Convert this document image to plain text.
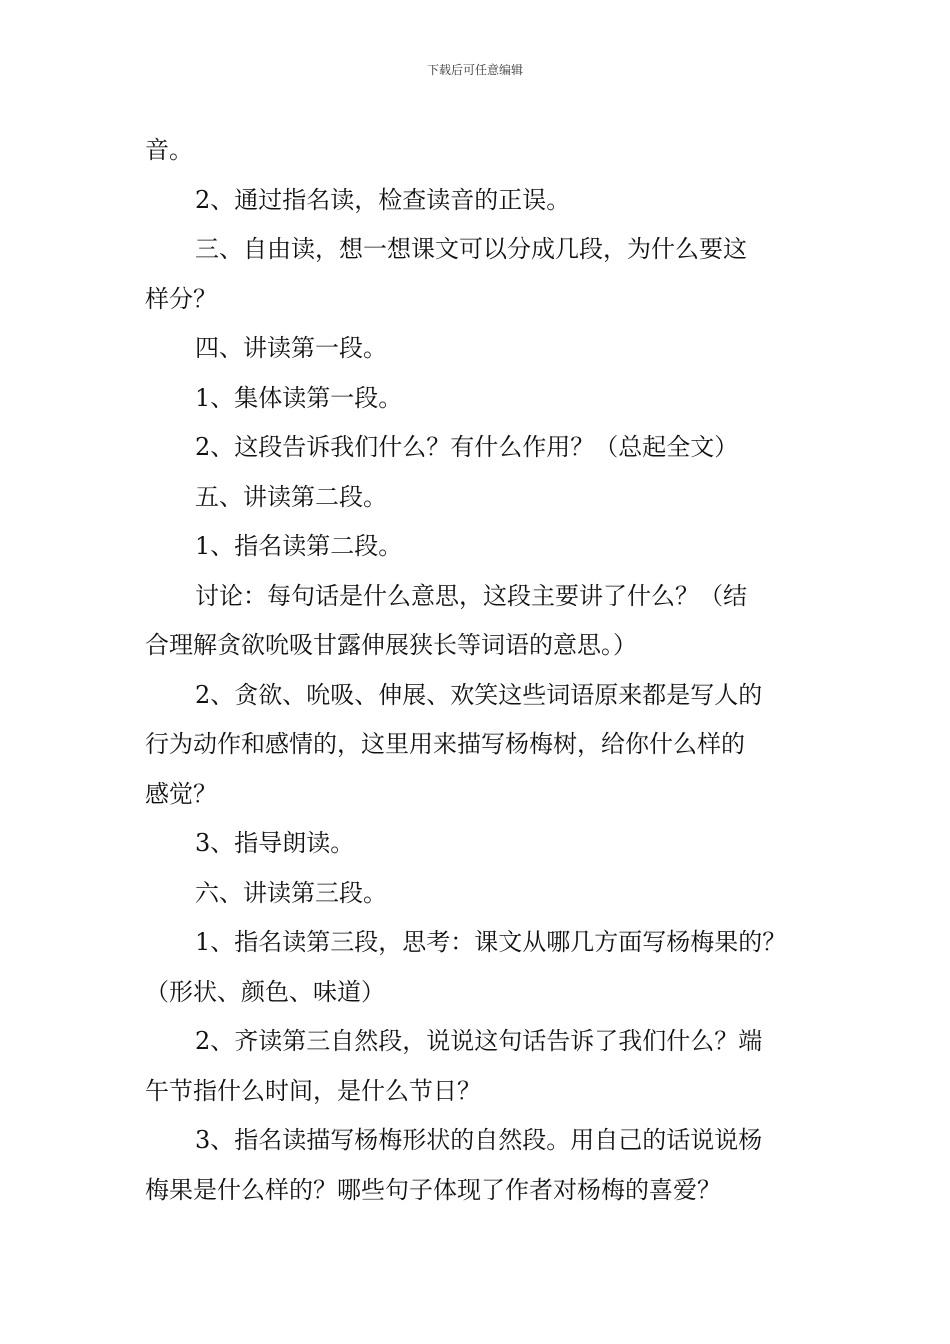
下载后可任意编辑
音。
2、通过指名读，检查读音的正误。
三、自由读，想一想课文可以分成几段，为什么要这
样分？
四、讲读第一段。
1、集体读第一段。
2、这段告诉我们什么？有什么作用？（总起全文）
五、讲读第二段。
1、指名读第二段。
讨论：每句话是什么意思，这段主要讲了什么？（结
合理解贪欲吮吸甘露伸展狭长等词语的意思。）
2、贪欲、吮吸、伸展、欢笑这些词语原来都是写人的
行为动作和感情的，这里用来描写杨梅树，给你什么样的
感觉？
3、指导朗读。
六、讲读第三段。
1、指名读第三段，思考：课文从哪几方面写杨梅果的？
（形状、颜色、味道）
2、齐读第三自然段，说说这句话告诉了我们什么？端
午节指什么时间，是什么节日？
3、指名读描写杨梅形状的自然段。用自己的话说说杨
梅果是什么样的？哪些句子体现了作者对杨梅的喜爱？
